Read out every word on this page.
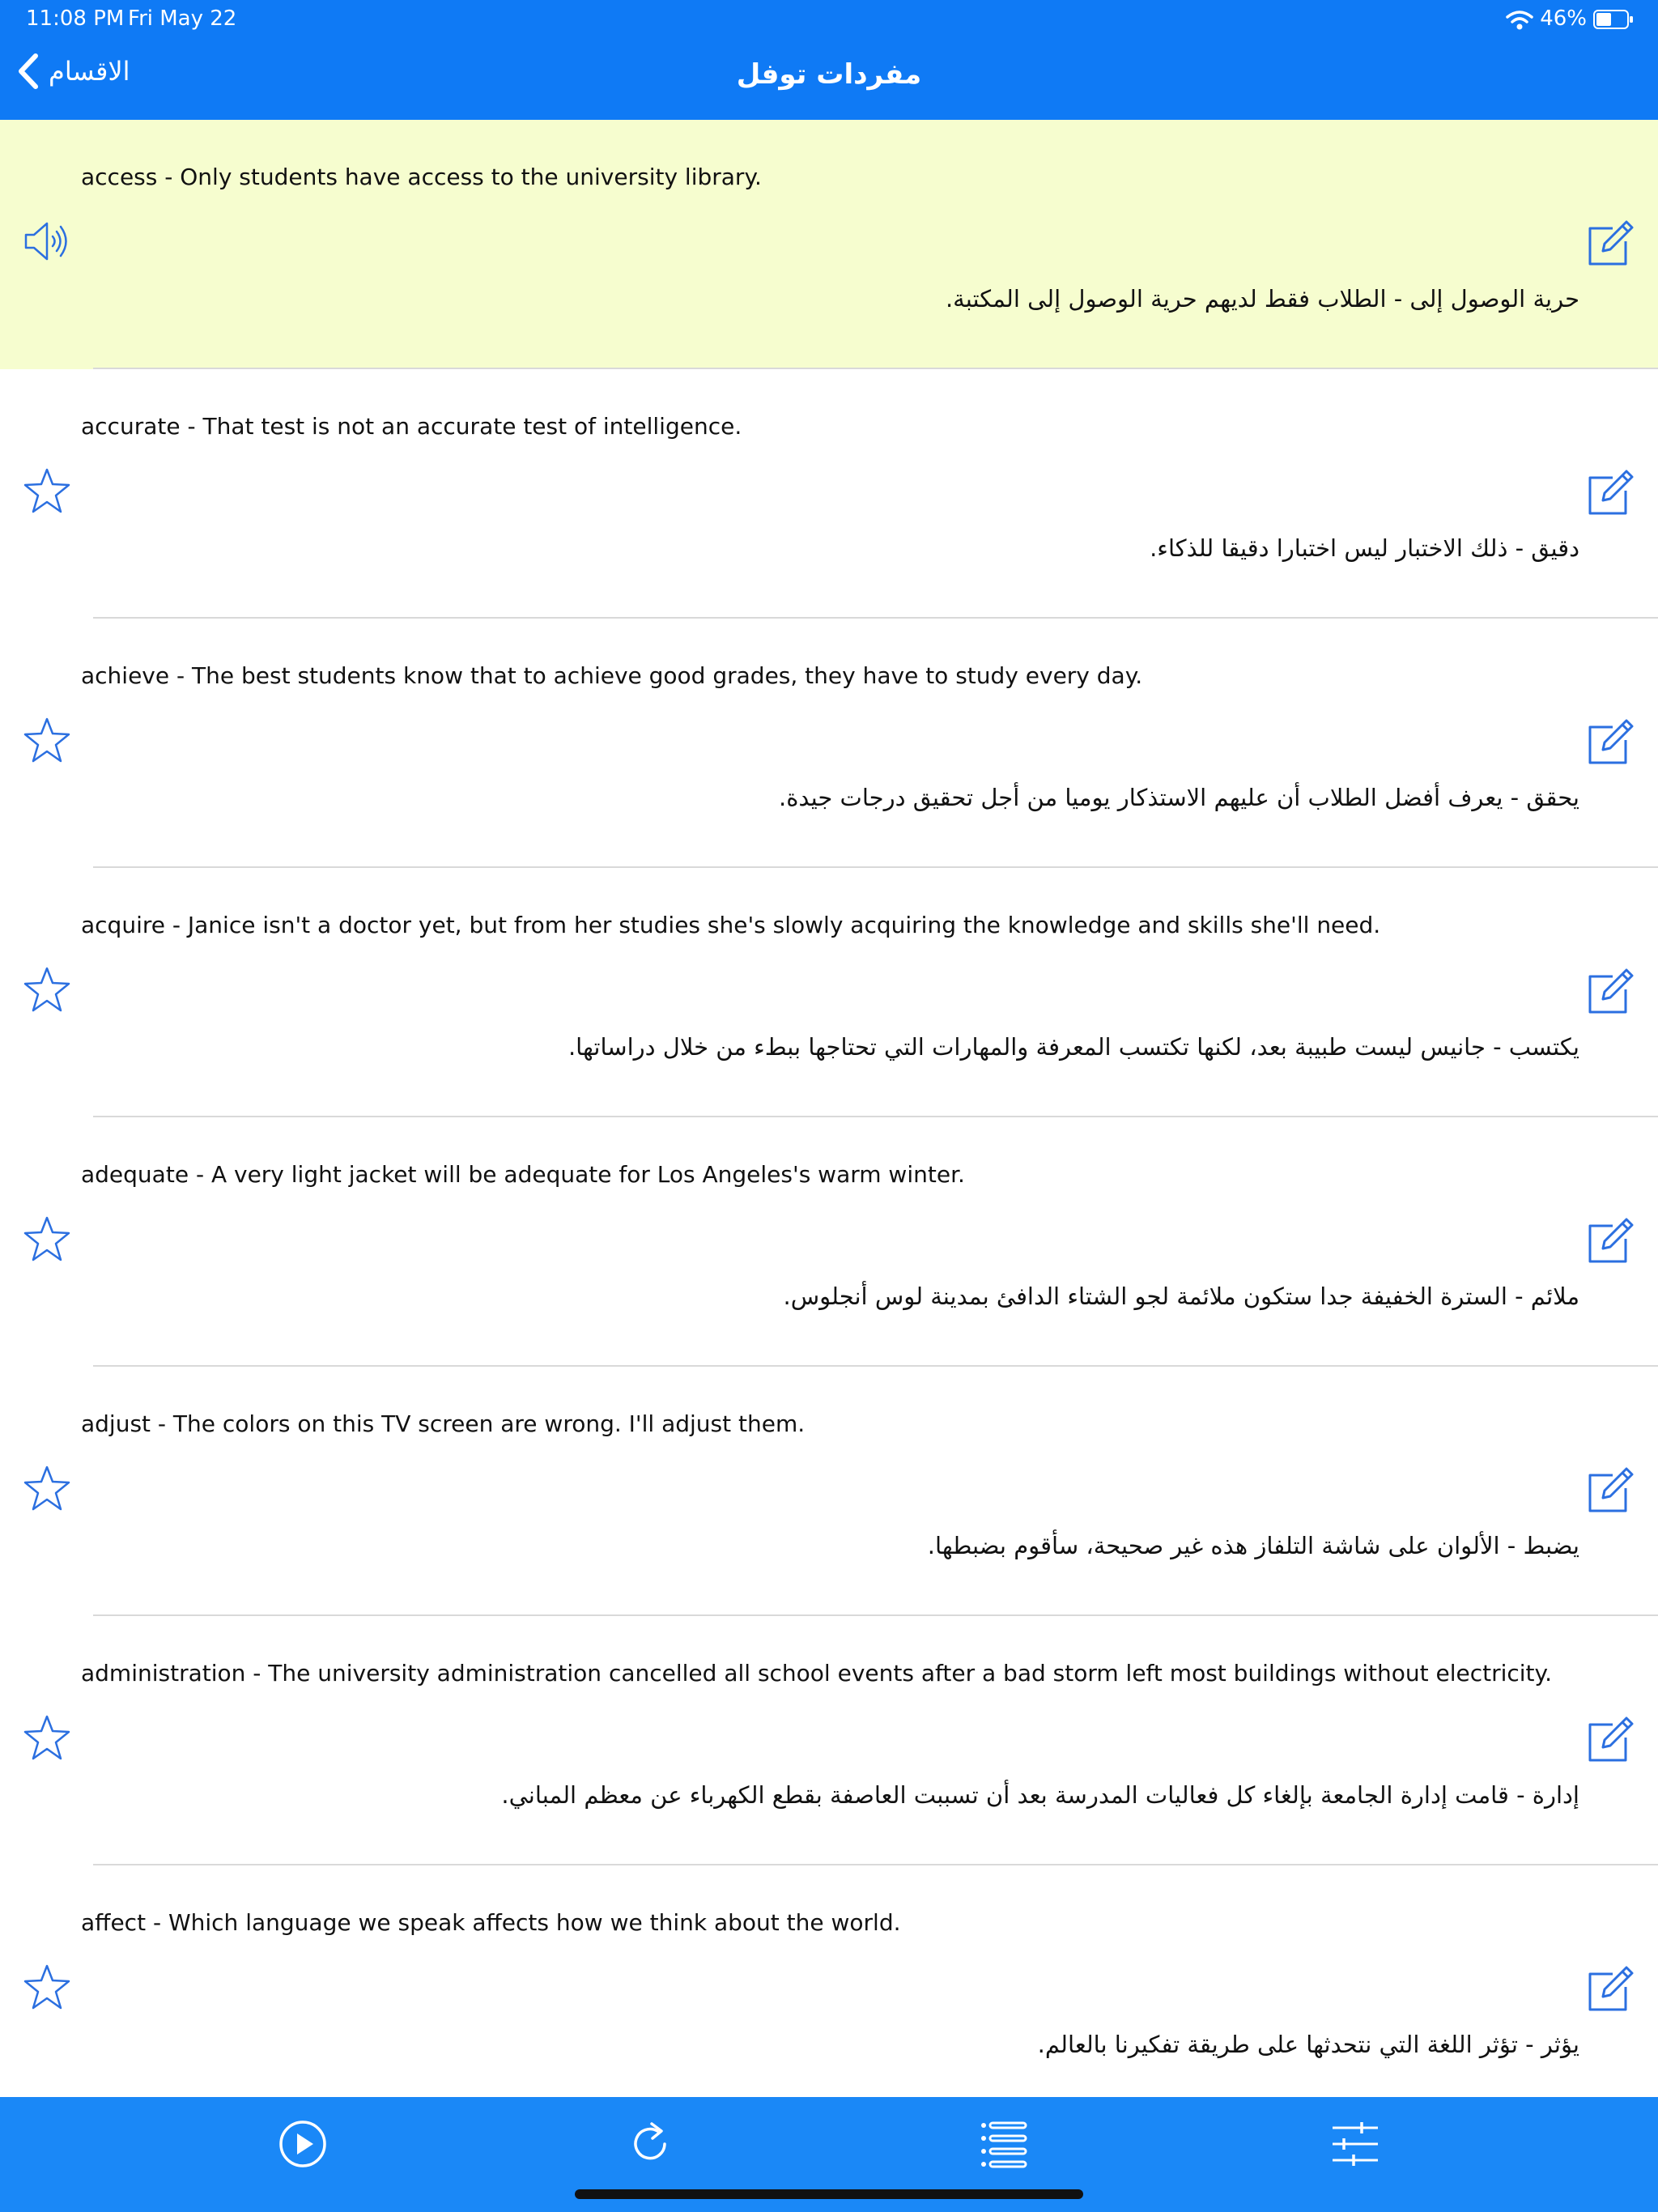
11:08 PM Fri May 22	46%
الاقسام	مفردات توفل
access - Only students have access to the university library.
حرية الوصول إلى - الطلاب فقط لديهم حرية الوصول إلى المكتبة.
accurate - That test is not an accurate test of intelligence.
دقيق - ذلك الاختبار ليس اختبارا دقيقا للذكاء.
achieve - The best students know that to achieve good grades, they have to study every day.
يحقق - يعرف أفضل الطلاب أن عليهم الاستذكار يوميا من أجل تحقيق درجات جيدة.
acquire - Janice isn't a doctor yet, but from her studies she's slowly acquiring the knowledge and skills she'll need.
يكتسب - جانيس ليست طبيبة بعد، لكنها تكتسب المعرفة والمهارات التي تحتاجها ببطء من خلال دراساتها.
adequate - A very light jacket will be adequate for Los Angeles's warm winter.
ملائم - السترة الخفيفة جدا ستكون ملائمة لجو الشتاء الدافئ بمدينة لوس أنجلوس.
adjust - The colors on this TV screen are wrong. I'll adjust them.
يضبط - الألوان على شاشة التلفاز هذه غير صحيحة، سأقوم بضبطها.
administration - The university administration cancelled all school events after a bad storm left most buildings without electricity.
إدارة - قامت إدارة الجامعة بإلغاء كل فعاليات المدرسة بعد أن تسببت العاصفة بقطع الكهرباء عن معظم المباني.
affect - Which language we speak affects how we think about the world.
يؤثر - تؤثر اللغة التي نتحدثها على طريقة تفكيرنا بالعالم.
